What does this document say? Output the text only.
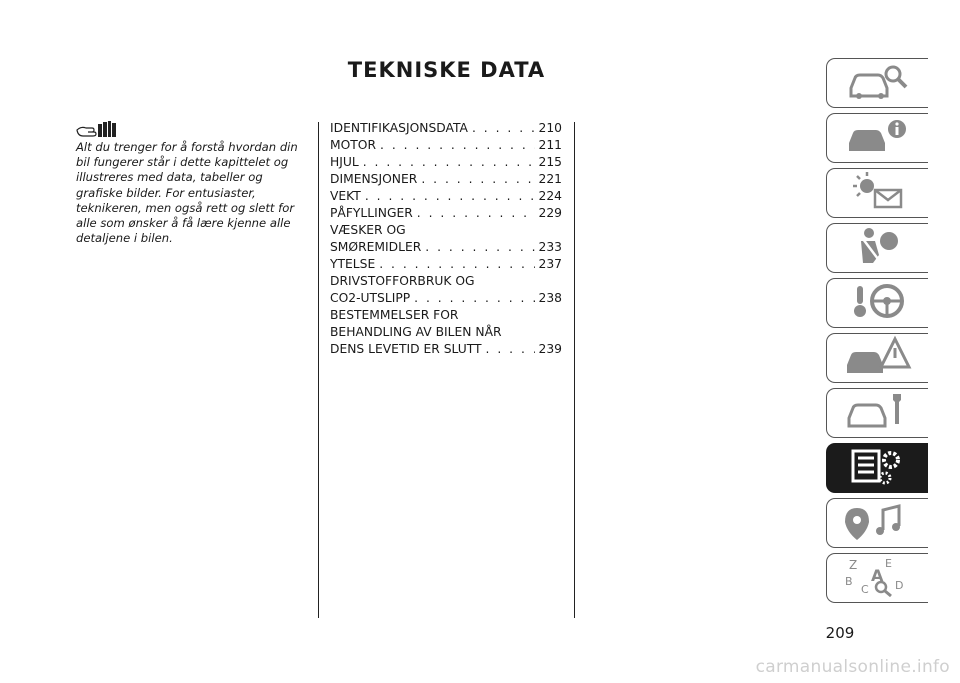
TEKNISKE DATA
Alt du trenger for å forstå hvordan din bil fungerer står i dette kapittelet og illustreres med data, tabeller og grafiske bilder. For entusiaster, teknikeren, men også rett og slett for alle som ønsker å få lære kjenne alle detaljene i bilen.
IDENTIFIKASJONSDATA . . .	210
MOTOR . . .	211
HJUL . . .	215
DIMENSJONER . . .	221
VEKT . . .	224
PÅFYLLINGER . . .	229
VÆSKER OG
SMØREMIDLER . . .	233
YTELSE . . .	237
DRIVSTOFFORBRUK OG
CO2-UTSLIPP . . .	238
BESTEMMELSER FOR
BEHANDLING AV BILEN NÅR
DENS LEVETID ER SLUTT . . .	239
Z	E
B A
D
C
209
carmanualsonline.info
